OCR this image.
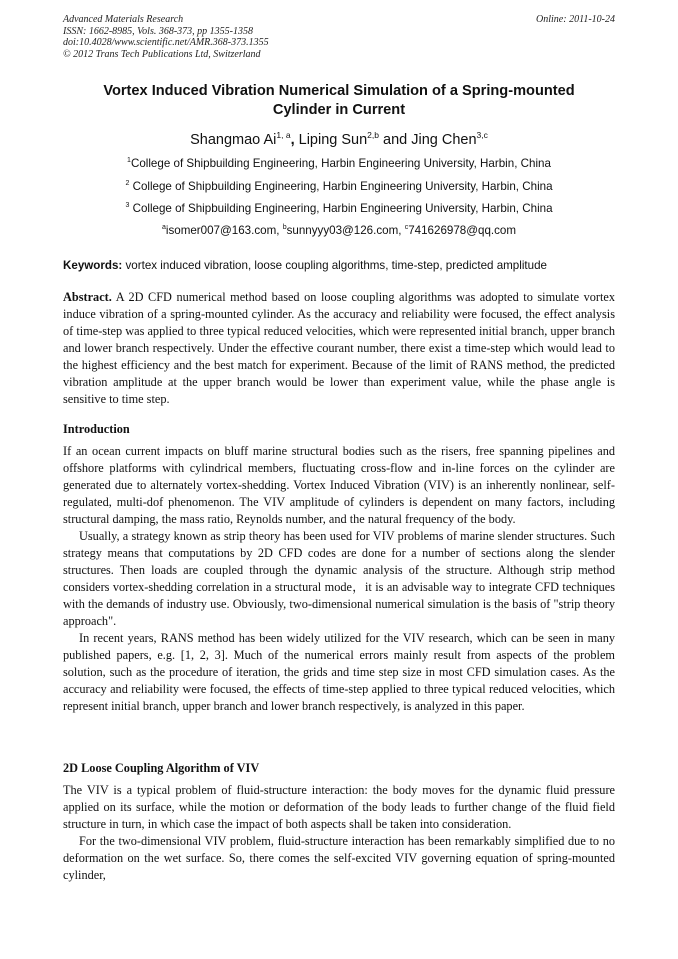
Advanced Materials Research
ISSN: 1662-8985, Vols. 368-373, pp 1355-1358
doi:10.4028/www.scientific.net/AMR.368-373.1355
© 2012 Trans Tech Publications Ltd, Switzerland
Online: 2011-10-24
Vortex Induced Vibration Numerical Simulation of a Spring-mounted
Cylinder in Current
Shangmao Ai$^{1, a}$, Liping Sun$^{2,b}$ and Jing Chen$^{3,c}$
$^1$College of Shipbuilding Engineering, Harbin Engineering University, Harbin, China
$^2$ College of Shipbuilding Engineering, Harbin Engineering University, Harbin, China
$^3$ College of Shipbuilding Engineering, Harbin Engineering University, Harbin, China
$^a$isomer007@163.com, $^b$sunnyyy03@126.com, $^c$741626978@qq.com
Keywords: vortex induced vibration, loose coupling algorithms, time-step, predicted amplitude

Abstract. A 2D CFD numerical method based on loose coupling algorithms was adopted to simulate vortex induce vibration of a spring-mounted cylinder. As the accuracy and reliability were focused, the effect analysis of time-step was applied to three typical reduced velocities, which were represented initial branch, upper branch and lower branch respectively. Under the effective courant number, there exist a time-step which would lead to the highest efficiency and the best match for experiment. Because of the limit of RANS method, the predicted vibration amplitude at the upper branch would be lower than experiment value, while the phase angle is sensitive to time step.

Introduction

If an ocean current impacts on bluff marine structural bodies such as the risers, free spanning pipelines and offshore platforms with cylindrical members, fluctuating cross-flow and in-line forces on the cylinder are generated due to alternately vortex-shedding. Vortex Induced Vibration (VIV) is an inherently nonlinear, self-regulated, multi-dof phenomenon. The VIV amplitude of cylinders is dependent on many factors, including structural damping, the mass ratio, Reynolds number, and the natural frequency of the body.

Usually, a strategy known as strip theory has been used for VIV problems of marine slender structures. Such strategy means that computations by 2D CFD codes are done for a number of sections along the slender structures. Then loads are coupled through the dynamic analysis of the structure. Although strip method considers vortex-shedding correlation in a structural mode，it is an advisable way to integrate CFD techniques with the demands of industry use. Obviously, two-dimensional numerical simulation is the basis of "strip theory approach".

In recent years, RANS method has been widely utilized for the VIV research, which can be seen in many published papers, e.g. [1, 2, 3]. Much of the numerical errors mainly result from aspects of the problem solution, such as the procedure of iteration, the grids and time step size in most CFD simulation cases. As the accuracy and reliability were focused, the effects of time-step applied to three typical reduced velocities, which represent initial branch, upper branch and lower branch respectively, is analyzed in this paper.

2D Loose Coupling Algorithm of VIV

The VIV is a typical problem of fluid-structure interaction: the body moves for the dynamic fluid pressure applied on its surface, while the motion or deformation of the body leads to further change of the fluid field structure in turn, in which case the impact of both aspects shall be taken into consideration.

For the two-dimensional VIV problem, fluid-structure interaction has been remarkably simplified due to no deformation on the wet surface. So, there comes the self-excited VIV governing equation of spring-mounted cylinder,
